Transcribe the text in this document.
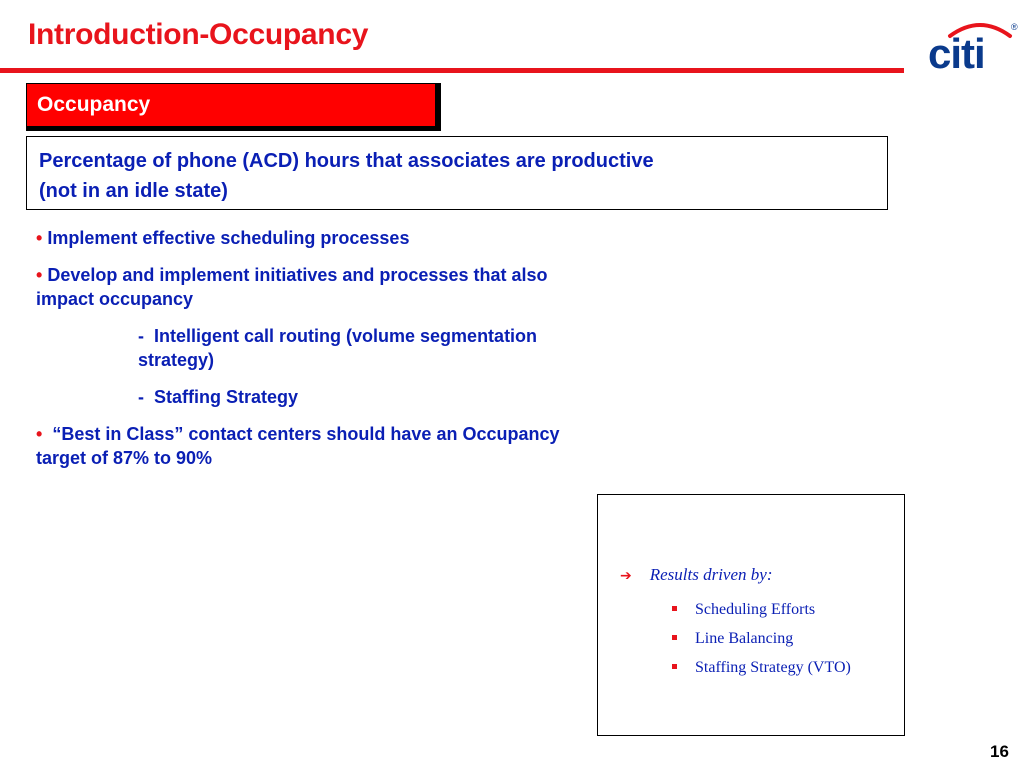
Introduction-Occupancy	citi
®
Occupancy
Percentage of phone (ACD) hours that associates are productive
(not in an idle state)
• Implement effective scheduling processes
• Develop and implement initiatives and processes that also
impact occupancy
- Intelligent call routing (volume segmentation
strategy)
- Staffing Strategy
• “Best in Class” contact centers should have an Occupancy
target of 87% to 90%
➔ Results driven by:
Scheduling Efforts
Line Balancing
Staffing Strategy (VTO)
16
